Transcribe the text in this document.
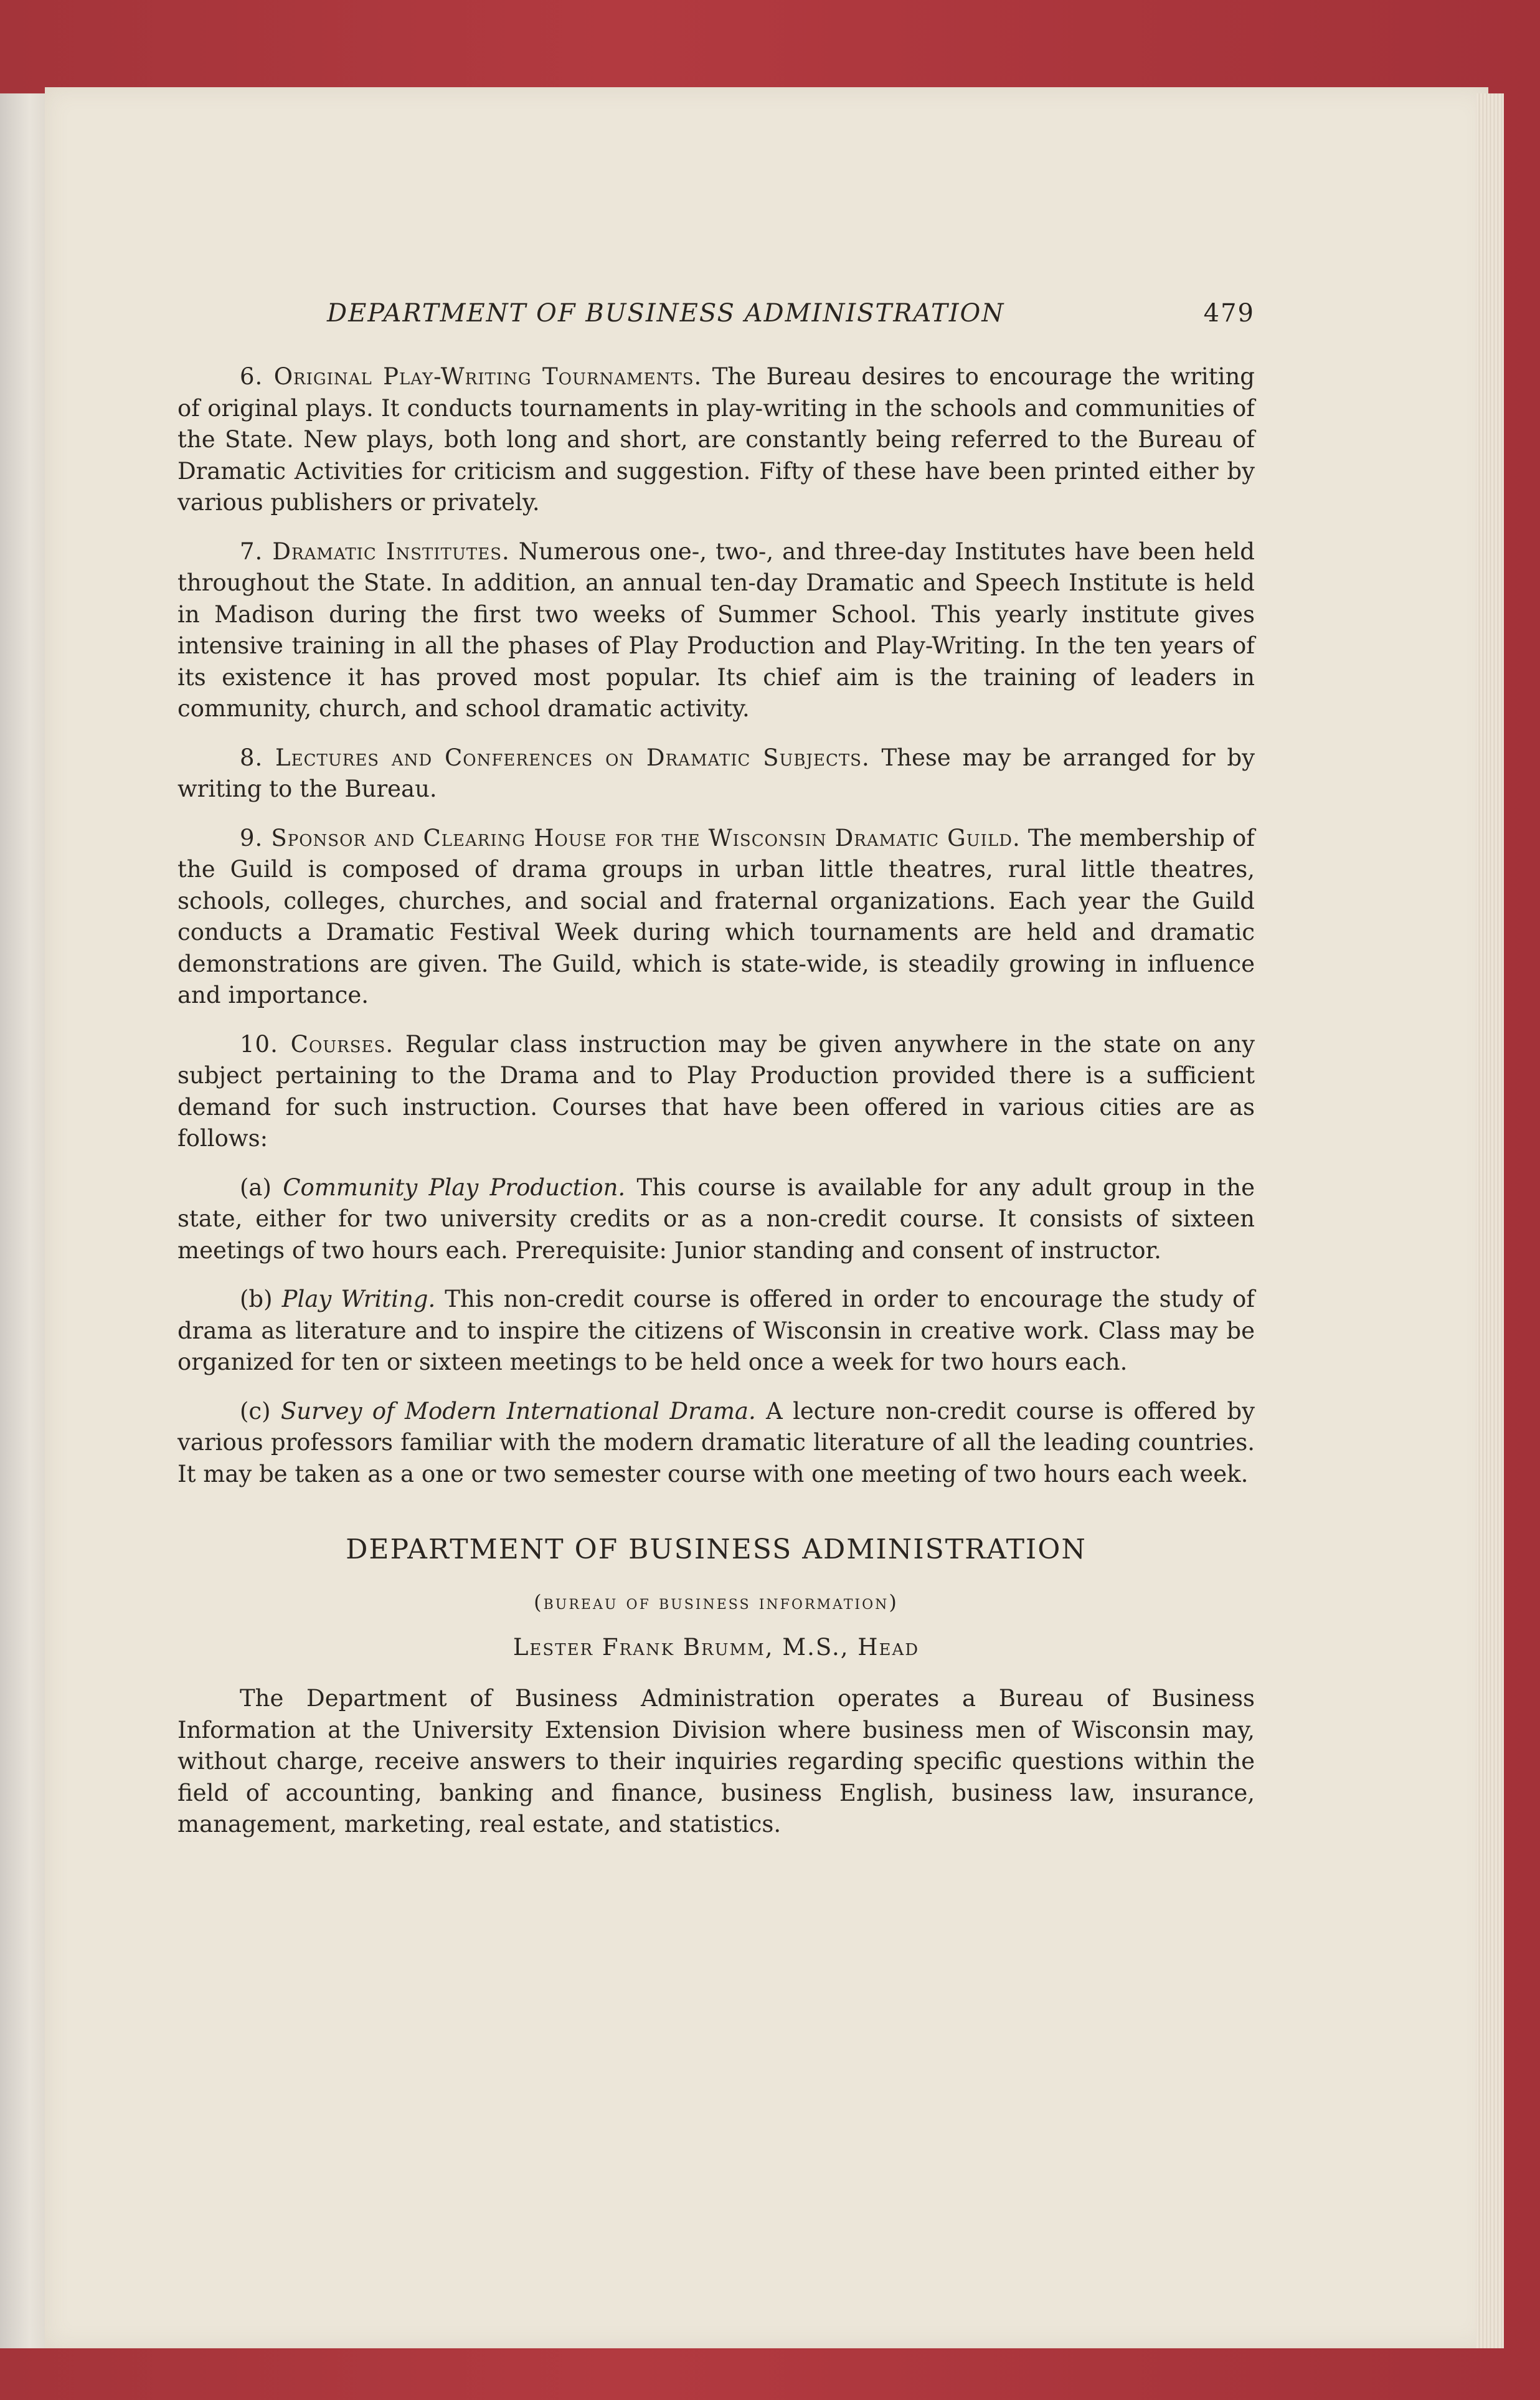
DEPARTMENT OF BUSINESS ADMINISTRATION	479

6. Original Play-Writing Tournaments. The Bureau desires to encourage the writing of original plays. It conducts tournaments in play-writing in the schools and communities of the State. New plays, both long and short, are constantly being referred to the Bureau of Dramatic Activities for criticism and suggestion. Fifty of these have been printed either by various publishers or privately.

7. Dramatic Institutes. Numerous one-, two-, and three-day Institutes have been held throughout the State. In addition, an annual ten-day Dramatic and Speech Institute is held in Madison during the first two weeks of Summer School. This yearly institute gives intensive training in all the phases of Play Production and Play-Writing. In the ten years of its existence it has proved most popular. Its chief aim is the training of leaders in community, church, and school dramatic activity.

8. Lectures and Conferences on Dramatic Subjects. These may be arranged for by writing to the Bureau.

9. Sponsor and Clearing House for the Wisconsin Dramatic Guild. The membership of the Guild is composed of drama groups in urban little theatres, rural little theatres, schools, colleges, churches, and social and fraternal organizations. Each year the Guild conducts a Dramatic Festival Week during which tournaments are held and dramatic demonstrations are given. The Guild, which is state-wide, is steadily growing in influence and importance.

10. Courses. Regular class instruction may be given anywhere in the state on any subject pertaining to the Drama and to Play Production provided there is a sufficient demand for such instruction. Courses that have been offered in various cities are as follows:

(a) Community Play Production. This course is available for any adult group in the state, either for two university credits or as a non-credit course. It consists of sixteen meetings of two hours each. Prerequisite: Junior standing and consent of instructor.

(b) Play Writing. This non-credit course is offered in order to encourage the study of drama as literature and to inspire the citizens of Wisconsin in creative work. Class may be organized for ten or sixteen meetings to be held once a week for two hours each.

(c) Survey of Modern International Drama. A lecture non-credit course is offered by various professors familiar with the modern dramatic literature of all the leading countries. It may be taken as a one or two semester course with one meeting of two hours each week.

DEPARTMENT OF BUSINESS ADMINISTRATION
(bureau of business information)
Lester Frank Brumm, M.S., Head

The Department of Business Administration operates a Bureau of Business Information at the University Extension Division where business men of Wisconsin may, without charge, receive answers to their inquiries regarding specific questions within the field of accounting, banking and finance, business English, business law, insurance, management, marketing, real estate, and statistics.
